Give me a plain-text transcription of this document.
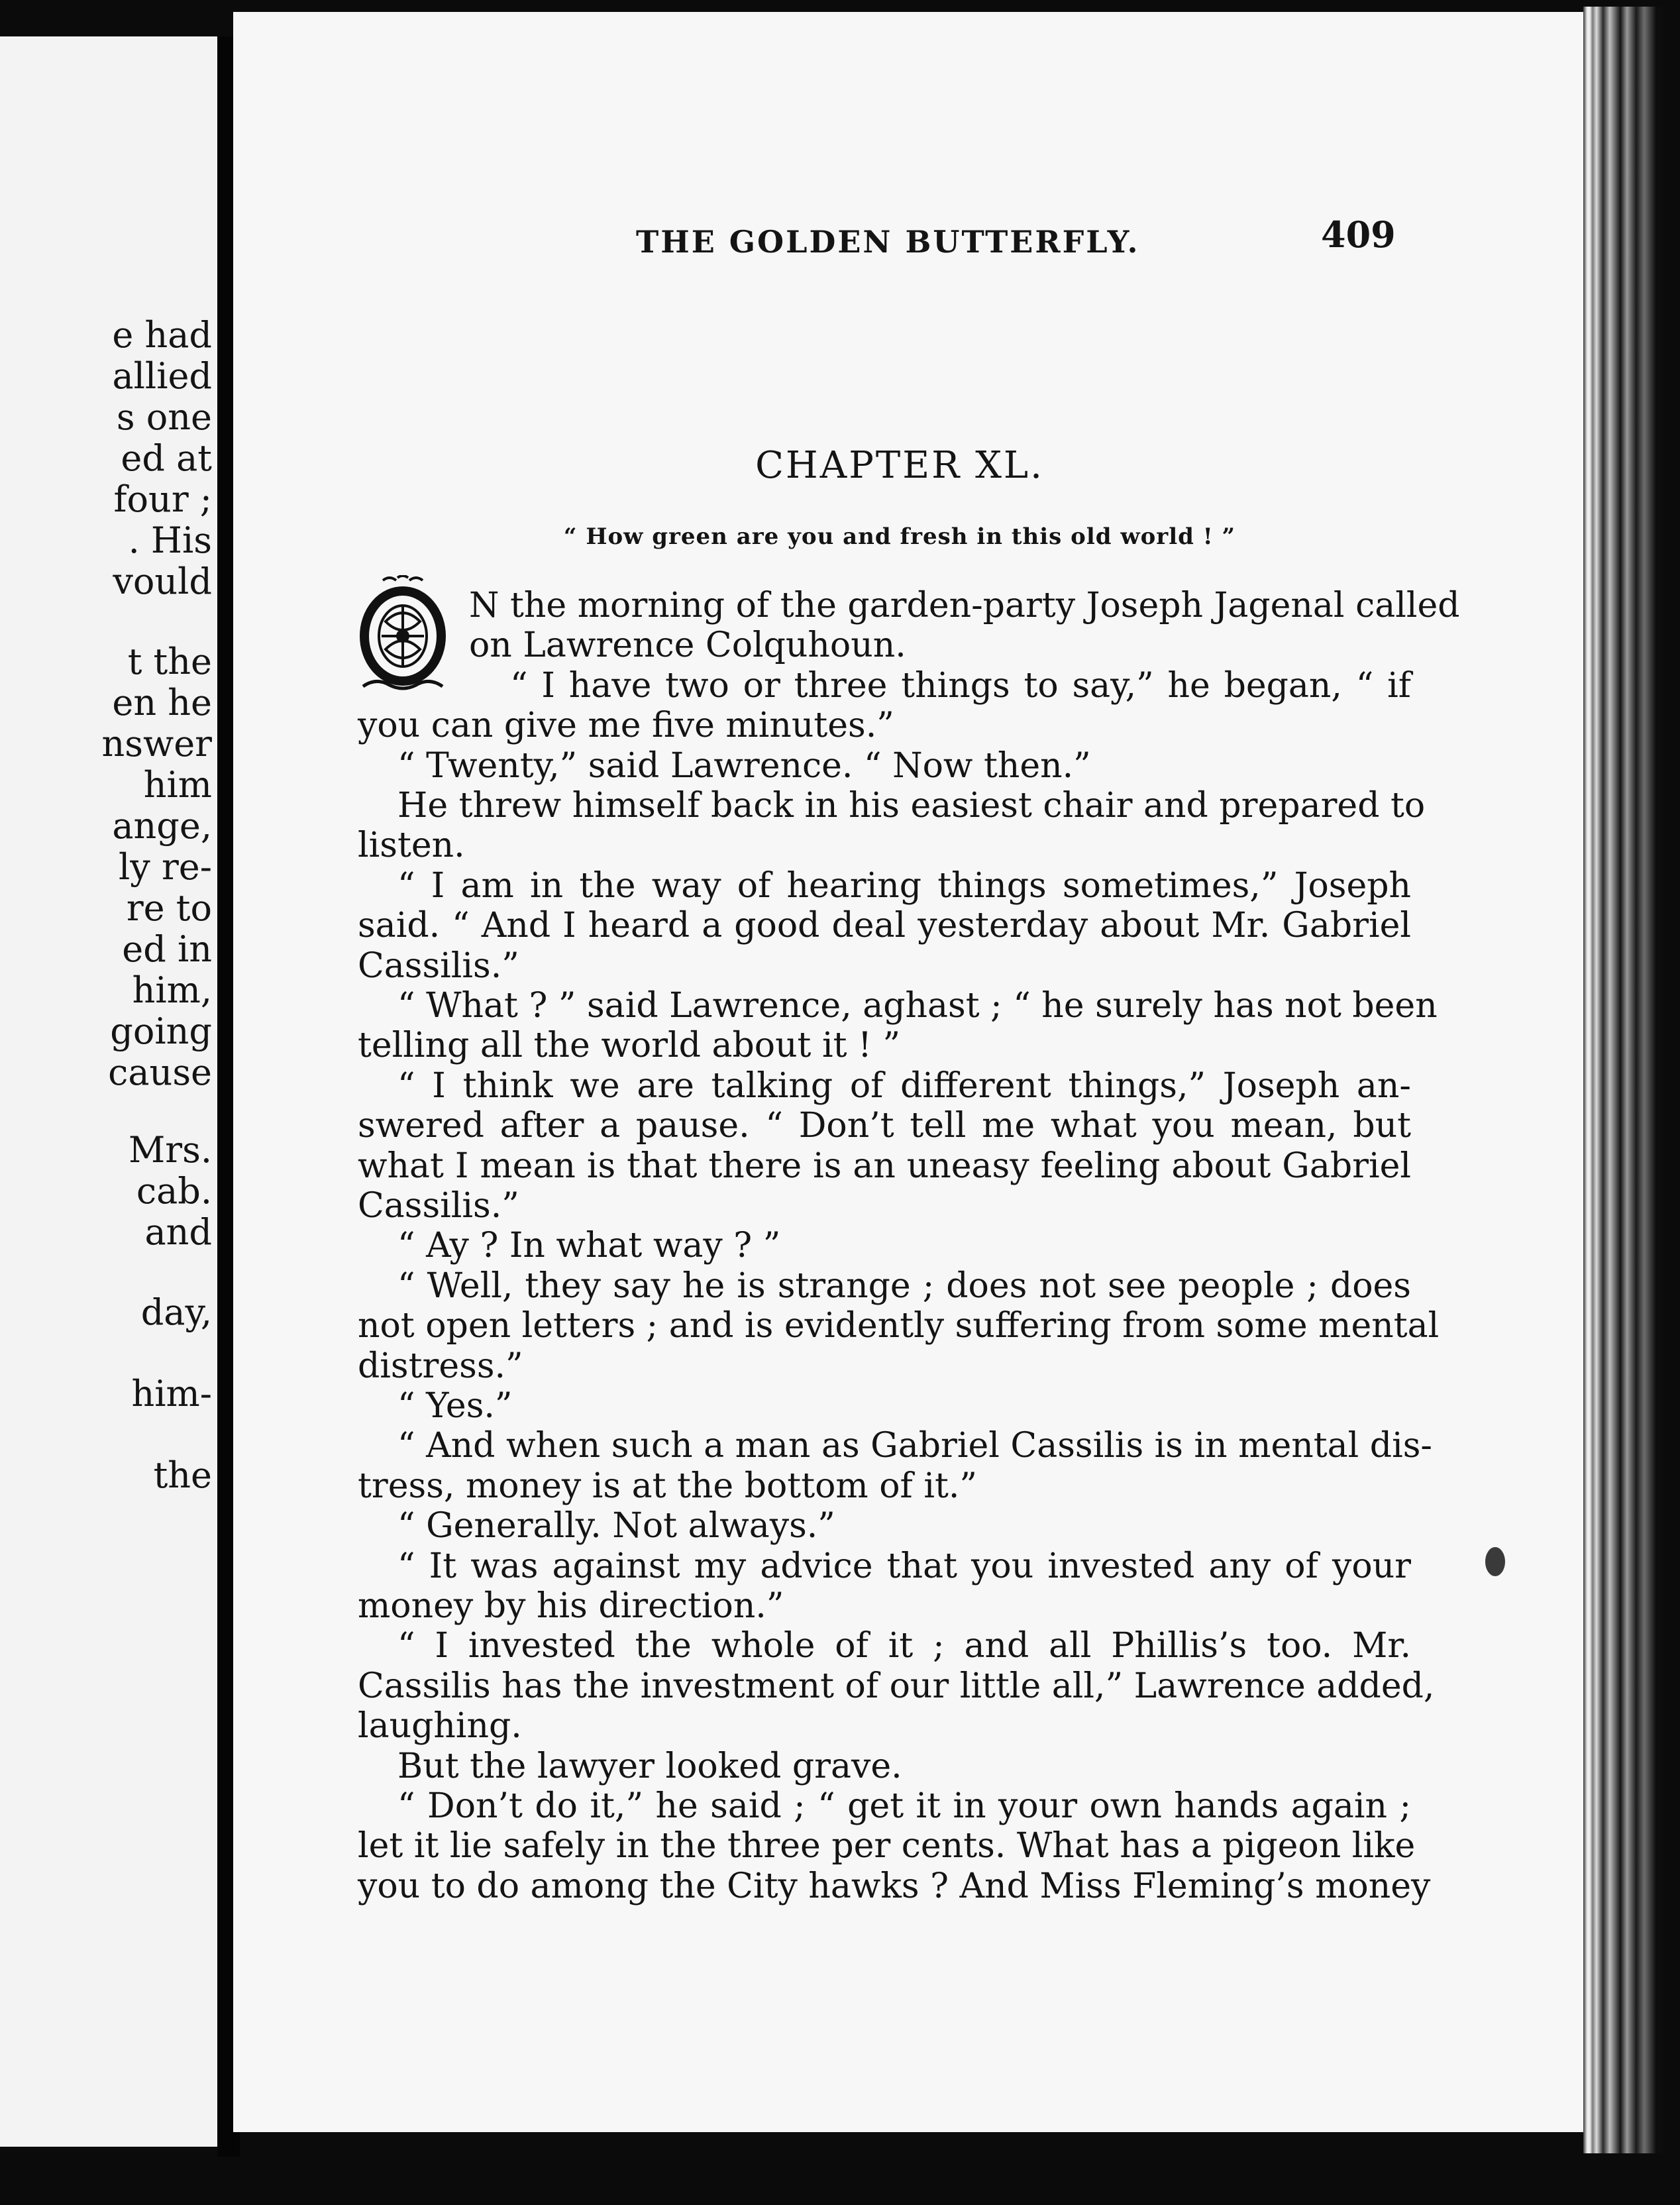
e had
allied
s one
ed at
four ;
. His
vould
t the
en he
nswer
him
ange,
ly re-
re to
ed in
him,
going
cause
Mrs.
cab.
and
day,
him-
the
THE GOLDEN BUTTERFLY.	409
CHAPTER XL.
“ How green are you and fresh in this old world ! ”
N the morning of the garden-party Joseph Jagenal called
on Lawrence Colquhoun.
“ I have two or three things to say,” he began, “ if
you can give me five minutes.”
“ Twenty,” said Lawrence. “ Now then.”
He threw himself back in his easiest chair and prepared to
listen.
“ I am in the way of hearing things sometimes,” Joseph
said. “ And I heard a good deal yesterday about Mr. Gabriel
Cassilis.”
“ What ? ” said Lawrence, aghast ; “ he surely has not been
telling all the world about it ! ”
“ I think we are talking of different things,” Joseph an-
swered after a pause. “ Don’t tell me what you mean, but
what I mean is that there is an uneasy feeling about Gabriel
Cassilis.”
“ Ay ? In what way ? ”
“ Well, they say he is strange ; does not see people ; does
not open letters ; and is evidently suffering from some mental
distress.”
“ Yes.”
“ And when such a man as Gabriel Cassilis is in mental dis-
tress, money is at the bottom of it.”
“ Generally. Not always.”
“ It was against my advice that you invested any of your
money by his direction.”
“ I invested the whole of it ; and all Phillis’s too. Mr.
Cassilis has the investment of our little all,” Lawrence added,
laughing.
But the lawyer looked grave.
“ Don’t do it,” he said ; “ get it in your own hands again ;
let it lie safely in the three per cents. What has a pigeon like
you to do among the City hawks ? And Miss Fleming’s money
